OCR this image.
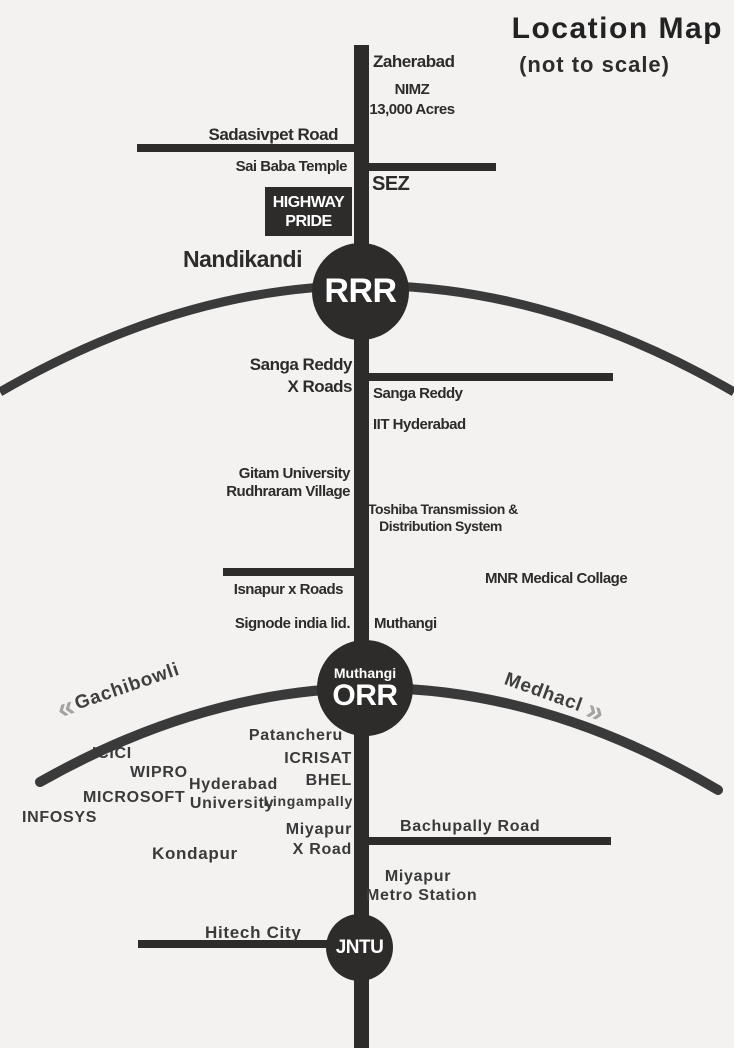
Location Map
(not to scale)
Zaherabad
NIMZ
13,000 Acres
Sadasivpet Road
Sai Baba Temple
SEZ
Nandikandi
HIGHWAY
PRIDE
RRR
Muthangi
ORR
JNTU
Sanga Reddy
X Roads Sanga Reddy
IIT Hyderabad
Gitam University
Rudhraram Village
Toshiba Transmission &
Distribution System
Isnapur x Roads
MNR Medical Collage
Signode india lid. Muthangi
«
Gachibowli	Medhacl
»
Patancheru
ICRISAT
BHEL
Lingampally
ICICI
WIPRO
MICROSOFT
INFOSYS
Hyderabad
University
Kondapur
Miyapur
X Road
Bachupally Road
Miyapur
Metro Station
Hitech City
